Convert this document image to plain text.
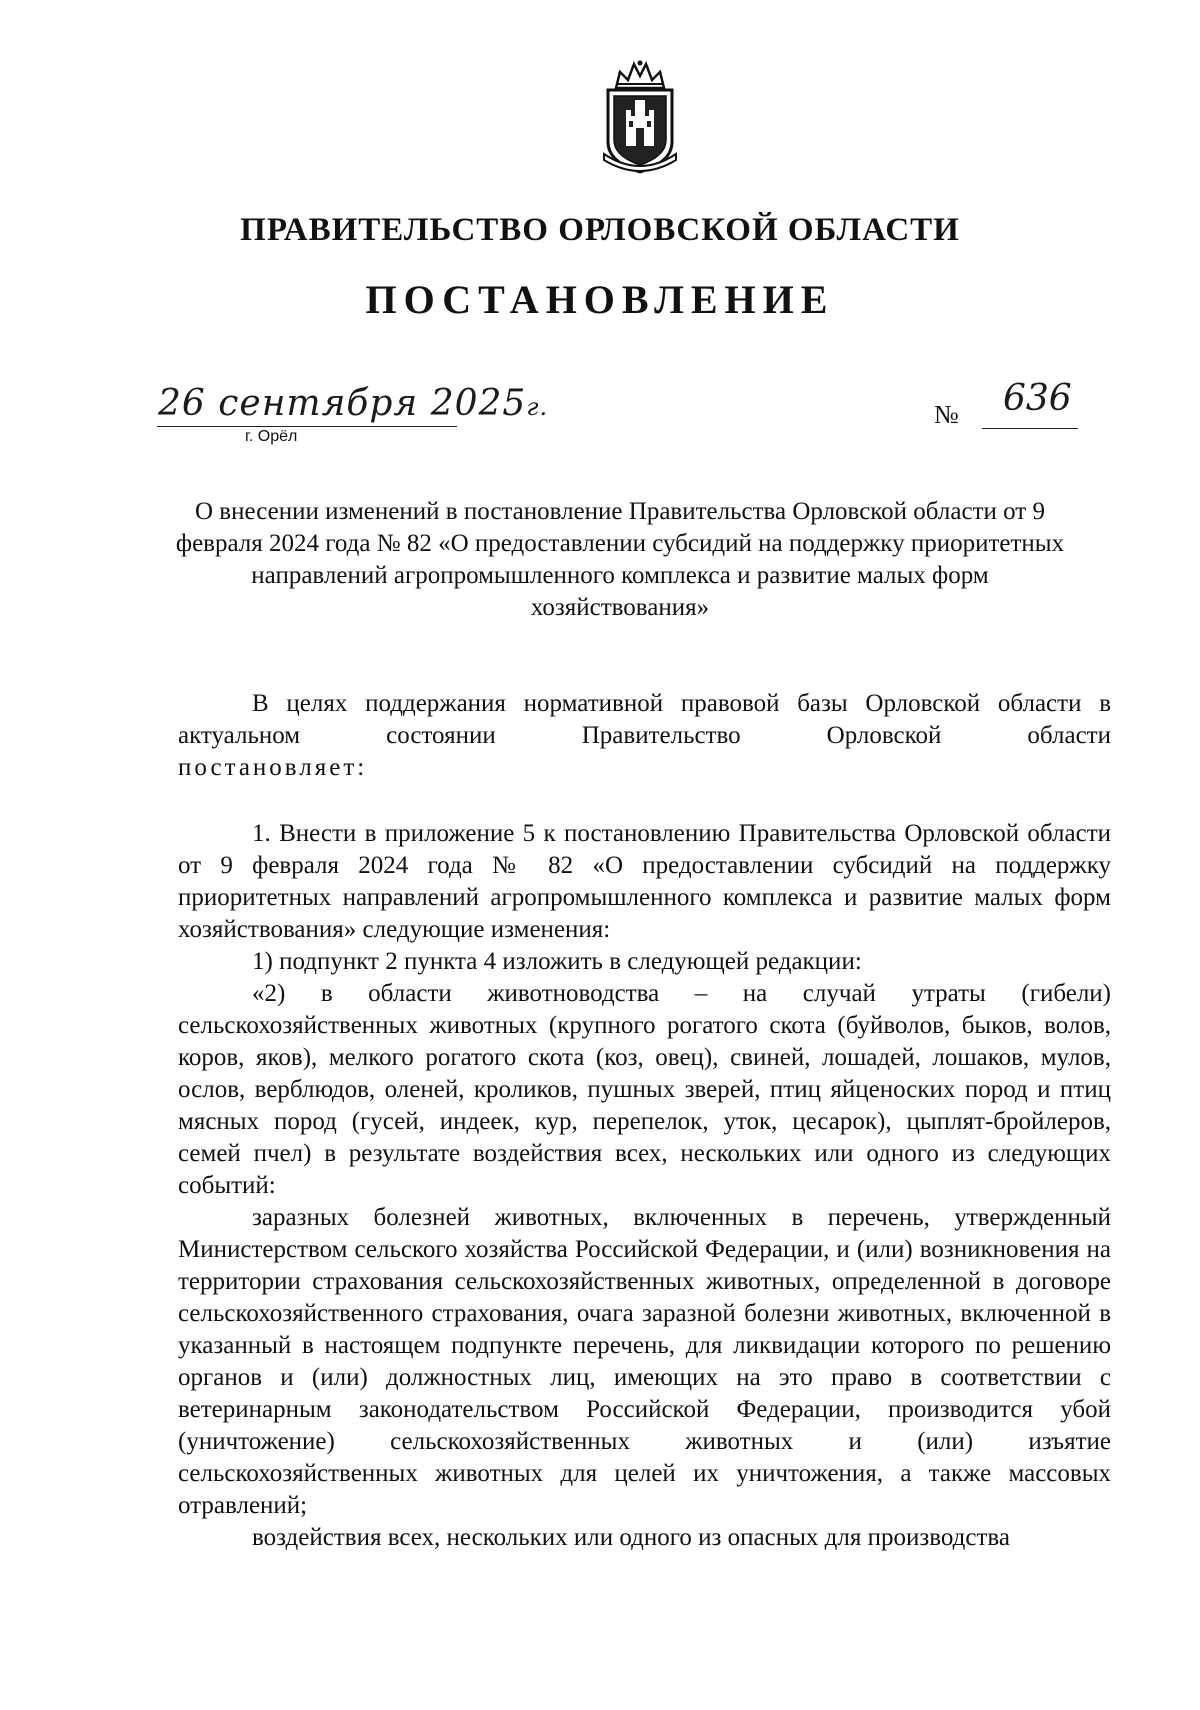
ПРАВИТЕЛЬСТВО ОРЛОВСКОЙ ОБЛАСТИ
ПОСТАНОВЛЕНИЕ
26 сентября 2025г.
г. Орёл
№ 636
О внесении изменений в постановление Правительства Орловской области от 9 февраля 2024 года № 82 «О предоставлении субсидий на поддержку приоритетных направлений агропромышленного комплекса и развитие малых форм хозяйствования»
В целях поддержания нормативной правовой базы Орловской области в актуальном состоянии Правительство Орловской области
постановляет:

1. Внести в приложение 5 к постановлению Правительства Орловской области от 9 февраля 2024 года № 82 «О предоставлении субсидий на поддержку приоритетных направлений агропромышленного комплекса и развитие малых форм хозяйствования» следующие изменения:

1) подпункт 2 пункта 4 изложить в следующей редакции:

«2) в области животноводства – на случай утраты (гибели) сельскохозяйственных животных (крупного рогатого скота (буйволов, быков, волов, коров, яков), мелкого рогатого скота (коз, овец), свиней, лошадей, лошаков, мулов, ослов, верблюдов, оленей, кроликов, пушных зверей, птиц яйценоских пород и птиц мясных пород (гусей, индеек, кур, перепелок, уток, цесарок), цыплят-бройлеров, семей пчел) в результате воздействия всех, нескольких или одного из следующих событий:

заразных болезней животных, включенных в перечень, утвержденный Министерством сельского хозяйства Российской Федерации, и (или) возникновения на территории страхования сельскохозяйственных животных, определенной в договоре сельскохозяйственного страхования, очага заразной болезни животных, включенной в указанный в настоящем подпункте перечень, для ликвидации которого по решению органов и (или) должностных лиц, имеющих на это право в соответствии с ветеринарным законодательством Российской Федерации, производится убой (уничтожение) сельскохозяйственных животных и (или) изъятие сельскохозяйственных животных для целей их уничтожения, а также массовых отравлений;

воздействия всех, нескольких или одного из опасных для производства
